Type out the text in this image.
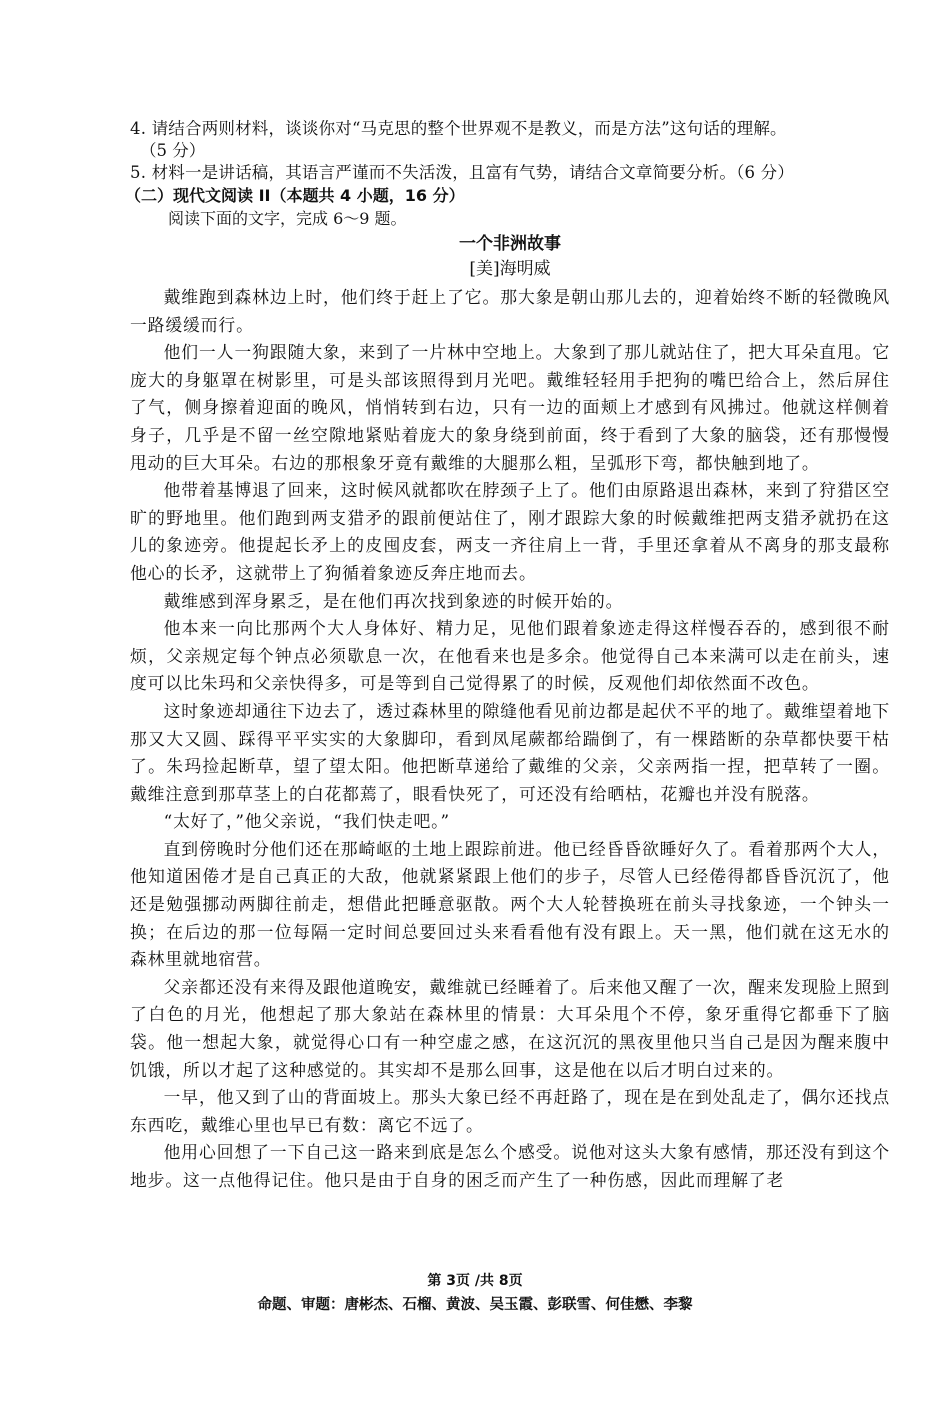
4. 请结合两则材料，谈谈你对“马克思的整个世界观不是教义，而是方法”这句话的理解。

（5 分）

5. 材料一是讲话稿，其语言严谨而不失活泼，且富有气势，请结合文章简要分析。（6 分）

（二）现代文阅读 II（本题共 4 小题，16 分）

阅读下面的文字，完成 6～9 题。

一个非洲故事

[美]海明威

戴维跑到森林边上时，他们终于赶上了它。那大象是朝山那儿去的，迎着始终不断的轻微晚风一路缓缓而行。

他们一人一狗跟随大象，来到了一片林中空地上。大象到了那儿就站住了，把大耳朵直甩。它庞大的身躯罩在树影里，可是头部该照得到月光吧。戴维轻轻用手把狗的嘴巴给合上，然后屏住了气，侧身擦着迎面的晚风，悄悄转到右边，只有一边的面颊上才感到有风拂过。他就这样侧着身子，几乎是不留一丝空隙地紧贴着庞大的象身绕到前面，终于看到了大象的脑袋，还有那慢慢甩动的巨大耳朵。右边的那根象牙竟有戴维的大腿那么粗，呈弧形下弯，都快触到地了。

他带着基博退了回来，这时候风就都吹在脖颈子上了。他们由原路退出森林，来到了狩猎区空旷的野地里。他们跑到两支猎矛的跟前便站住了，刚才跟踪大象的时候戴维把两支猎矛就扔在这儿的象迹旁。他提起长矛上的皮囤皮套，两支一齐往肩上一背，手里还拿着从不离身的那支最称他心的长矛，这就带上了狗循着象迹反奔庄地而去。

戴维感到浑身累乏，是在他们再次找到象迹的时候开始的。

他本来一向比那两个大人身体好、精力足，见他们跟着象迹走得这样慢吞吞的，感到很不耐烦，父亲规定每个钟点必须歇息一次，在他看来也是多余。他觉得自己本来满可以走在前头，速度可以比朱玛和父亲快得多，可是等到自己觉得累了的时候，反观他们却依然面不改色。

这时象迹却通往下边去了，透过森林里的隙缝他看见前边都是起伏不平的地了。戴维望着地下那又大又圆、踩得平平实实的大象脚印，看到凤尾蕨都给踹倒了，有一棵踏断的杂草都快要干枯了。朱玛捡起断草，望了望太阳。他把断草递给了戴维的父亲，父亲两指一捏，把草转了一圈。戴维注意到那草茎上的白花都蔫了，眼看快死了，可还没有给晒枯，花瓣也并没有脱落。

“太好了，”他父亲说，“我们快走吧。”

直到傍晚时分他们还在那崎岖的土地上跟踪前进。他已经昏昏欲睡好久了。看着那两个大人，他知道困倦才是自己真正的大敌，他就紧紧跟上他们的步子，尽管人已经倦得都昏昏沉沉了，他还是勉强挪动两脚往前走，想借此把睡意驱散。两个大人轮替换班在前头寻找象迹，一个钟头一换；在后边的那一位每隔一定时间总要回过头来看看他有没有跟上。天一黑，他们就在这无水的森林里就地宿营。

父亲都还没有来得及跟他道晚安，戴维就已经睡着了。后来他又醒了一次，醒来发现脸上照到了白色的月光，他想起了那大象站在森林里的情景：大耳朵甩个不停，象牙重得它都垂下了脑袋。他一想起大象，就觉得心口有一种空虚之感，在这沉沉的黑夜里他只当自己是因为醒来腹中饥饿，所以才起了这种感觉的。其实却不是那么回事，这是他在以后才明白过来的。

一早，他又到了山的背面坡上。那头大象已经不再赶路了，现在是在到处乱走了，偶尔还找点东西吃，戴维心里也早已有数：离它不远了。

他用心回想了一下自己这一路来到底是怎么个感受。说他对这头大象有感情，那还没有到这个地步。这一点他得记住。他只是由于自身的困乏而产生了一种伤感，因此而理解了老

第 3页 /共 8页
命题、审题：唐彬杰、石榴、黄波、吴玉霞、彭联雪、何佳懋、李黎
